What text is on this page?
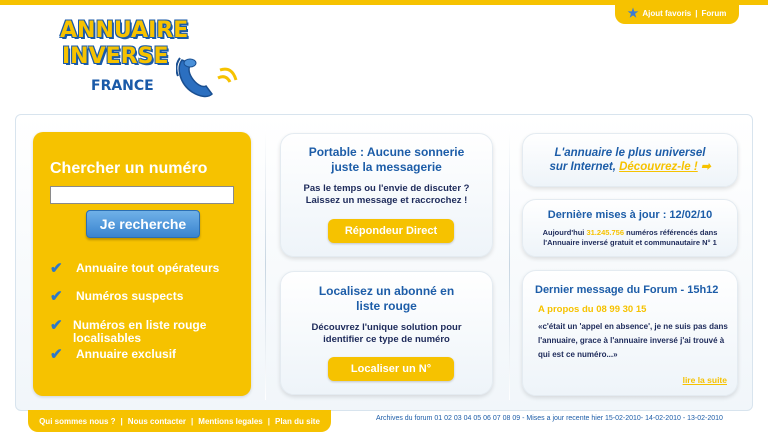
★ Ajout favoris | Forum
ANNUAIRE
INVERSE
FRANCE
Chercher un numéro
Je recherche
✔ Annuaire tout opérateurs
✔ Numéros suspects
✔ Numéros en liste rouge localisables
✔ Annuaire exclusif
Portable : Aucune sonnerie juste la messagerie
Pas le temps ou l'envie de discuter ? Laissez un message et raccrochez !
Répondeur Direct
Localisez un abonné en liste rouge
Découvrez l'unique solution pour identifier ce type de numéro
Localiser un N°
L'annuaire le plus universel
sur Internet, Découvrez-le ! ➡
Dernière mises à jour : 12/02/10
Aujourd'hui 31.245.756 numéros référencés dans l'Annuaire inversé gratuit et communautaire N° 1
Dernier message du Forum - 15h12
A propos du 08 99 30 15
«c'était un 'appel en absence', je ne suis pas dans l'annuaire, grace à l'annuaire inversé j'ai trouvé à qui est ce numéro...»
lire la suite
Qui sommes nous ? | Nous contacter | Mentions legales | Plan du site	Archives du forum 01 02 03 04 05 06 07 08 09 - Mises a jour recente hier 15-02-2010- 14-02-2010 - 13-02-2010
